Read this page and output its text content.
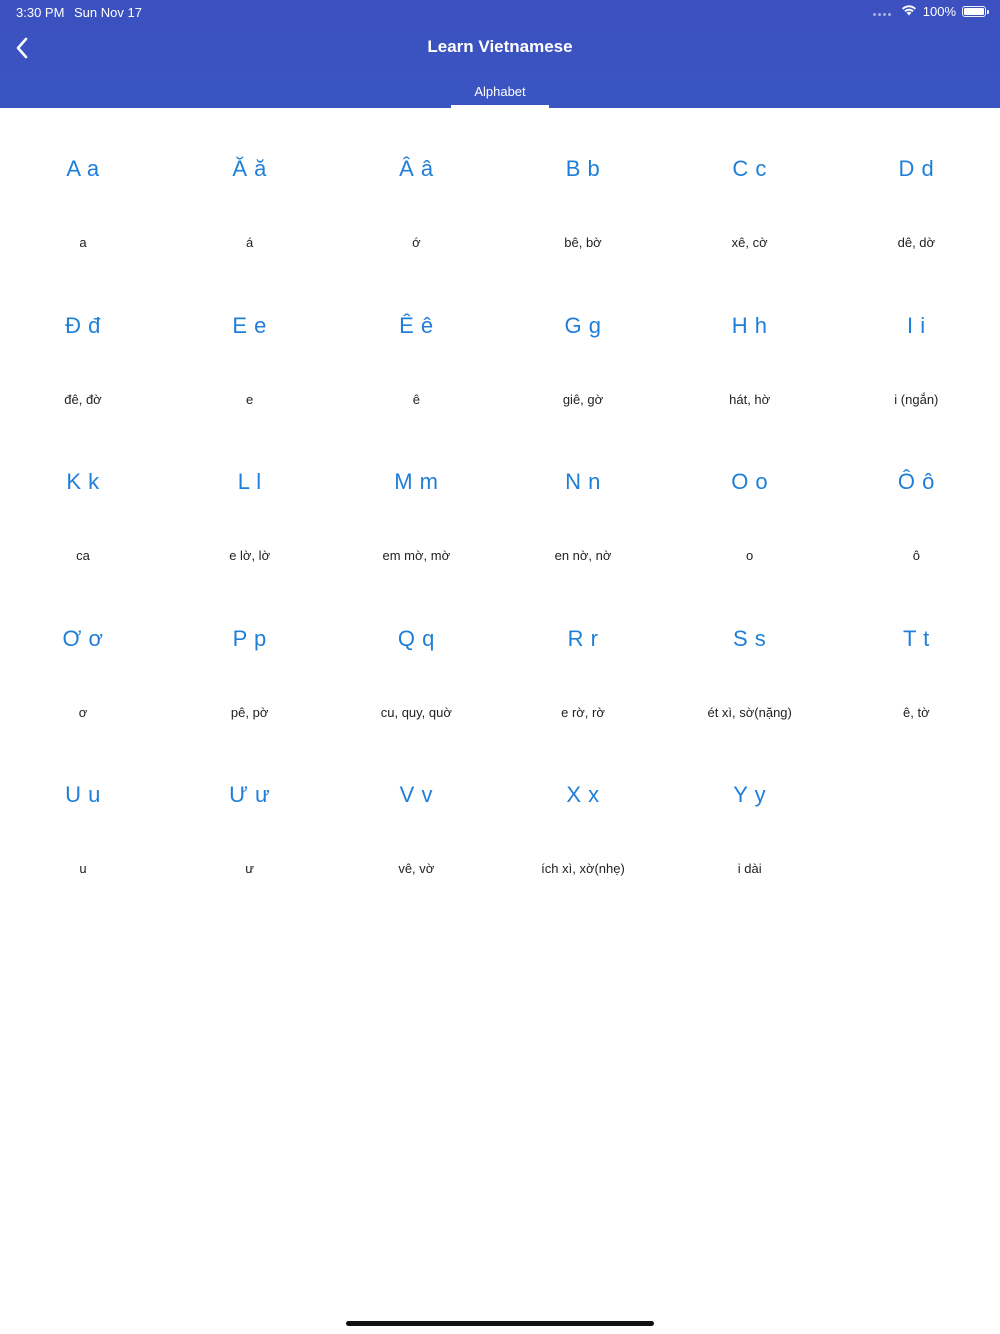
3:30 PM Sun Nov 17	100%
Learn Vietnamese
Alphabet
A a
a
Ă ă
á
Â â
ớ
B b
bê, bờ
C c
xê, cờ
D d
dê, dờ
Đ đ
đê, đờ
E e
e
Ê ê
ê
G g
giê, gờ
H h
hát, hờ
I i
i (ngắn)
K k
ca
L l
e lờ, lờ
M m
em mờ, mờ
N n
en nờ, nờ
O o
o
Ô ô
ô
Ơ ơ
ơ
P p
pê, pờ
Q q
cu, quy, quờ
R r
e rờ, rờ
S s
ét xì, sờ(nặng)
T t
ê, tờ
U u
u
Ư ư
ư
V v
vê, vờ
X x
ích xì, xờ(nhẹ)
Y y
i dài
